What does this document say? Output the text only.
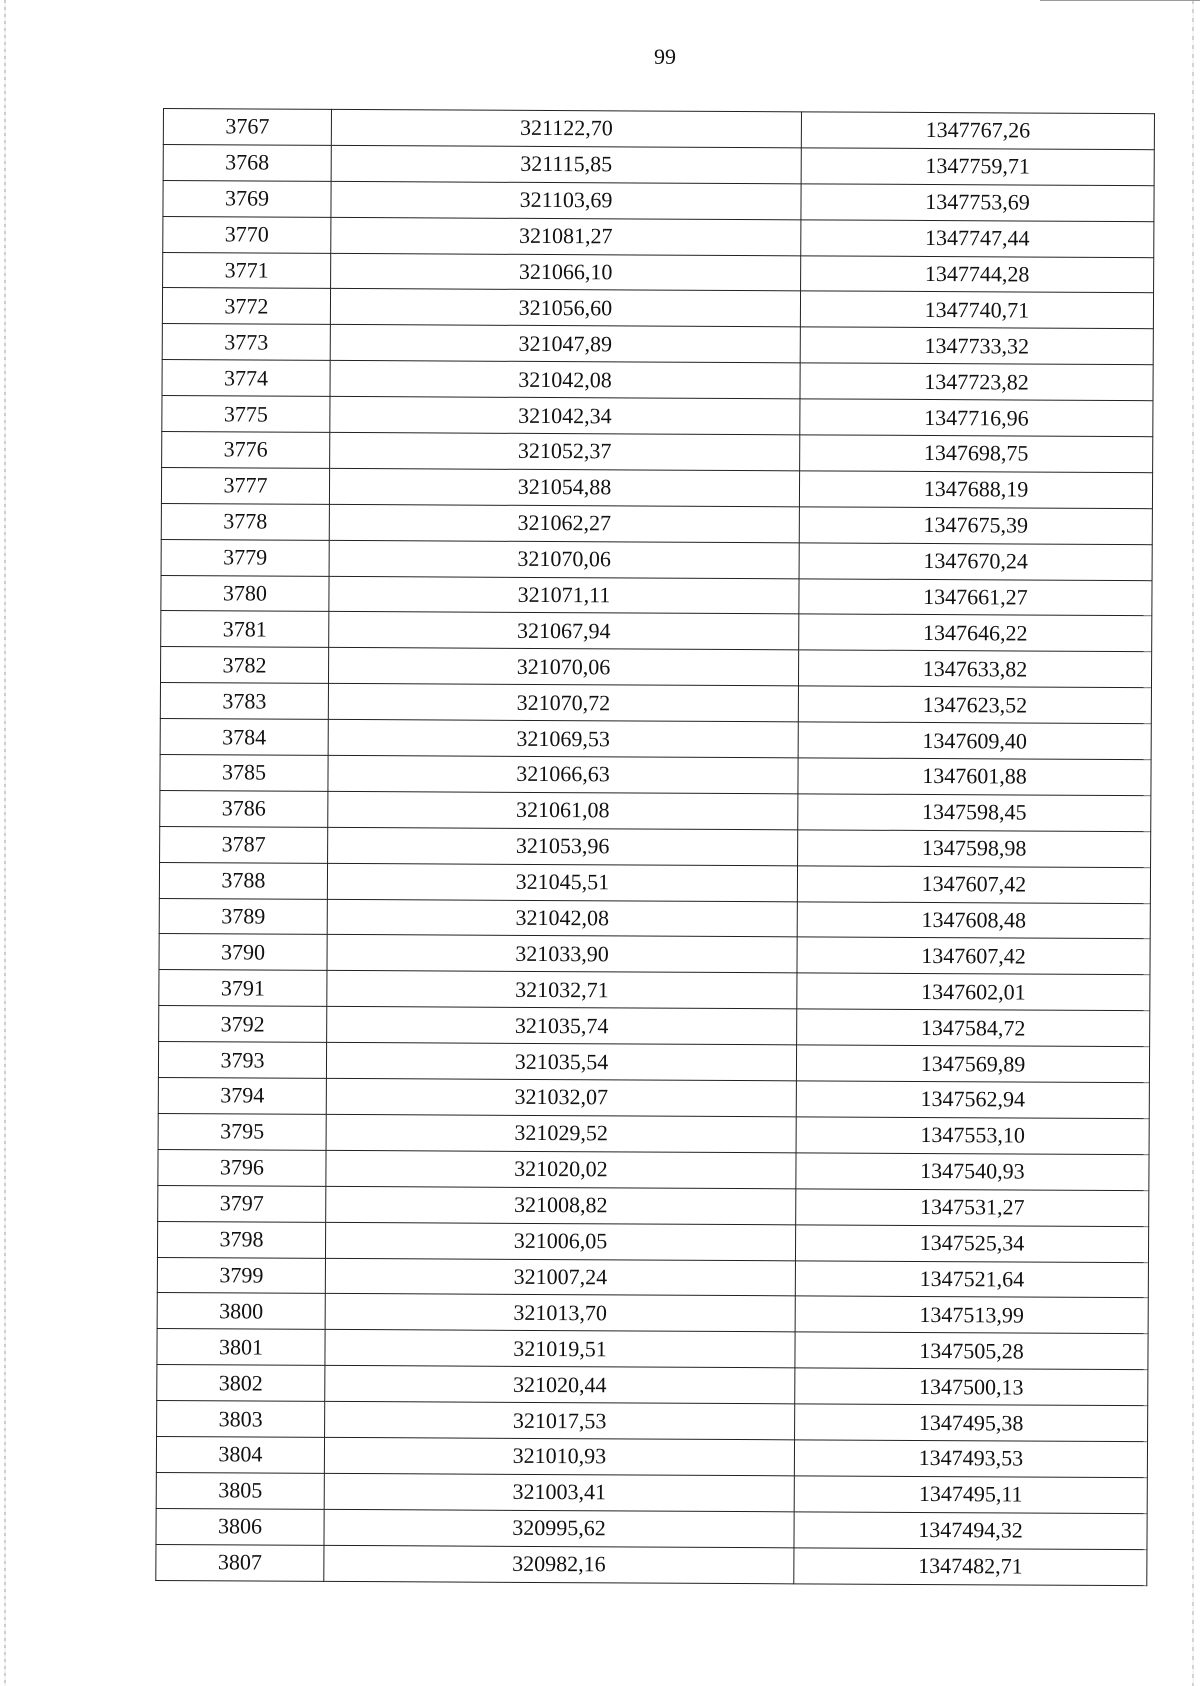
99
3767	321122,70	1347767,26
3768	321115,85	1347759,71
3769	321103,69	1347753,69
3770	321081,27	1347747,44
3771	321066,10	1347744,28
3772	321056,60	1347740,71
3773	321047,89	1347733,32
3774	321042,08	1347723,82
3775	321042,34	1347716,96
3776	321052,37	1347698,75
3777	321054,88	1347688,19
3778	321062,27	1347675,39
3779	321070,06	1347670,24
3780	321071,11	1347661,27
3781	321067,94	1347646,22
3782	321070,06	1347633,82
3783	321070,72	1347623,52
3784	321069,53	1347609,40
3785	321066,63	1347601,88
3786	321061,08	1347598,45
3787	321053,96	1347598,98
3788	321045,51	1347607,42
3789	321042,08	1347608,48
3790	321033,90	1347607,42
3791	321032,71	1347602,01
3792	321035,74	1347584,72
3793	321035,54	1347569,89
3794	321032,07	1347562,94
3795	321029,52	1347553,10
3796	321020,02	1347540,93
3797	321008,82	1347531,27
3798	321006,05	1347525,34
3799	321007,24	1347521,64
3800	321013,70	1347513,99
3801	321019,51	1347505,28
3802	321020,44	1347500,13
3803	321017,53	1347495,38
3804	321010,93	1347493,53
3805	321003,41	1347495,11
3806	320995,62	1347494,32
3807	320982,16	1347482,71
